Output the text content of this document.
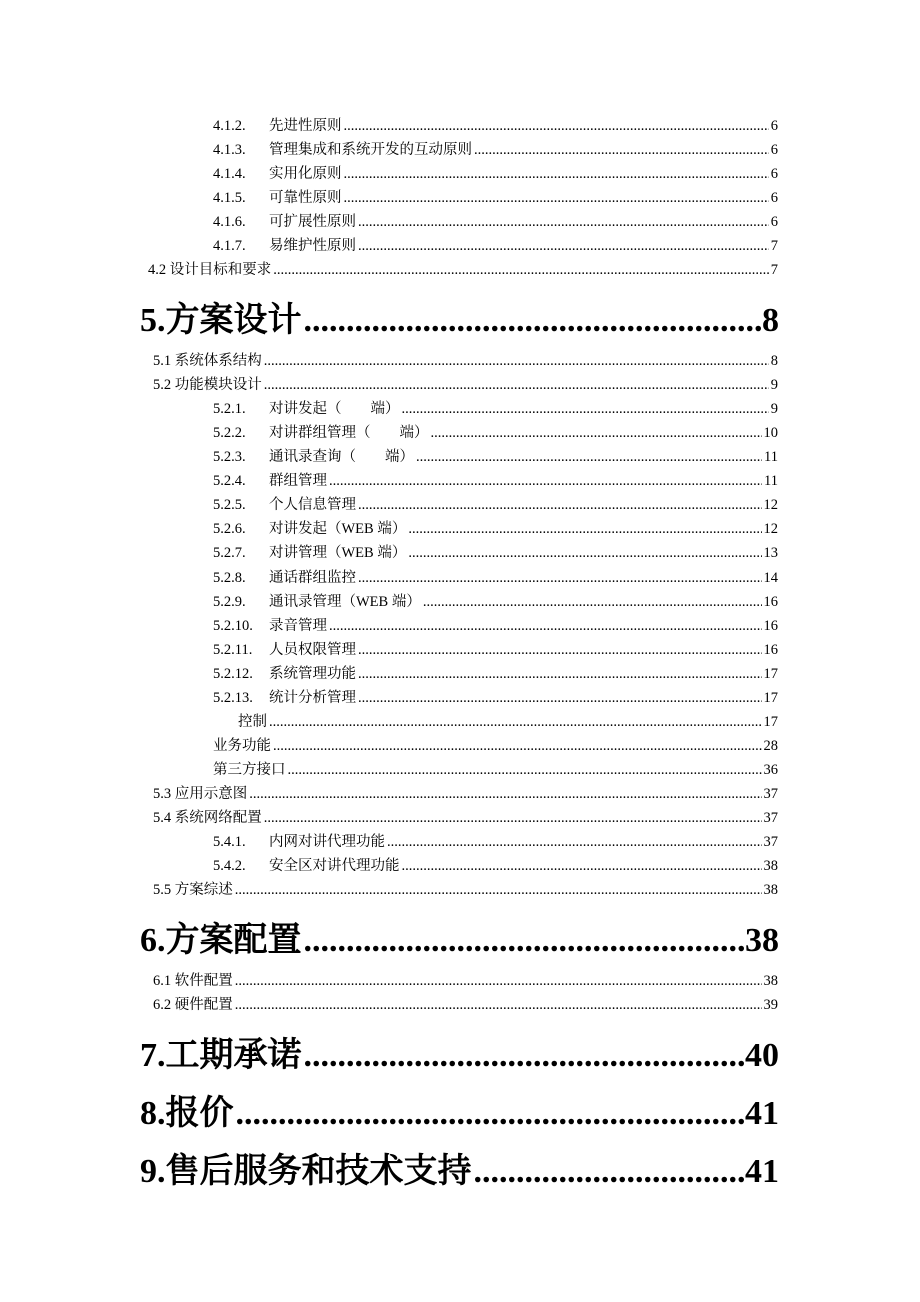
4.1.2.	先进性原则 .....	6
4.1.3.	管理集成和系统开发的互动原则 .....	6
4.1.4.	实用化原则 .....	6
4.1.5.	可靠性原则 .....	6
4.1.6.	可扩展性原则 .....	6
4.1.7.	易维护性原则 .....	7
4.2 设计目标和要求 .....	7
5.方案设计 .....	8
5.1 系统体系结构 .....	8
5.2 功能模块设计 .....	9
5.2.1.	对讲发起（　　端） .....	9
5.2.2.	对讲群组管理（　　端） .....	10
5.2.3.	通讯录查询（　　端） .....	11
5.2.4.	群组管理 .....	11
5.2.5.	个人信息管理 .....	12
5.2.6.	对讲发起（WEB 端） .....	12
5.2.7.	对讲管理（WEB 端） .....	13
5.2.8.	通话群组监控 .....	14
5.2.9.	通讯录管理（WEB 端） .....	16
5.2.10.	录音管理 .....	16
5.2.11.	人员权限管理 .....	16
5.2.12.	系统管理功能 .....	17
5.2.13.	统计分析管理 .....	17
控制 .....	17
业务功能 .....	28
第三方接口 .....	36
5.3 应用示意图 .....	37
5.4 系统网络配置 .....	37
5.4.1.	内网对讲代理功能 .....	37
5.4.2.	安全区对讲代理功能 .....	38
5.5 方案综述 .....	38
6.方案配置 .....	38
6.1 软件配置 .....	38
6.2 硬件配置 .....	39
7.工期承诺 .....	40
8.报价 .....	41
9.售后服务和技术支持 .....	41
